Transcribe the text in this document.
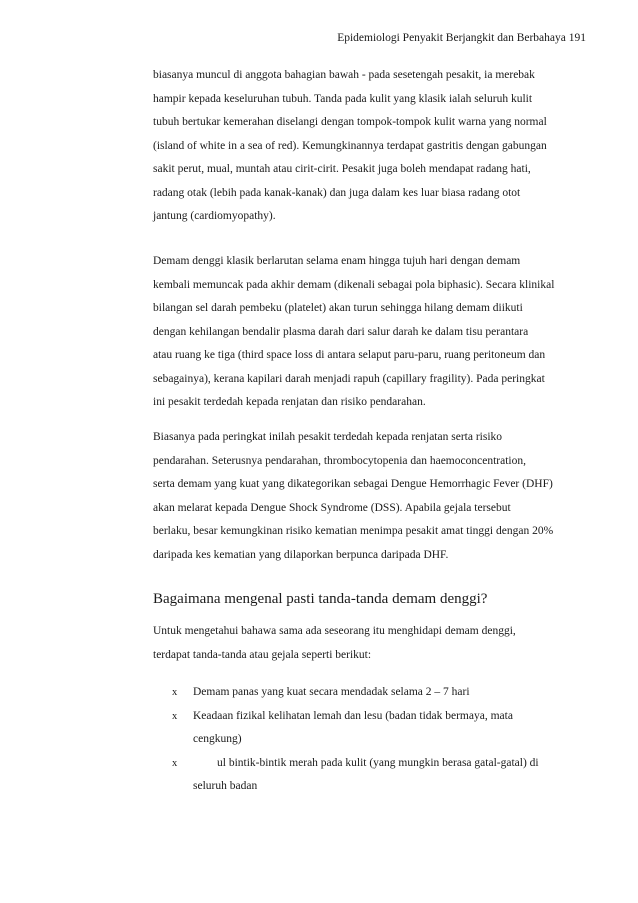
Epidemiologi Penyakit Berjangkit dan Berbahaya 191
biasanya muncul di anggota bahagian bawah - pada sesetengah pesakit, ia merebak
hampir kepada keseluruhan tubuh. Tanda pada kulit yang klasik ialah seluruh kulit
tubuh bertukar kemerahan diselangi dengan tompok-tompok kulit warna yang normal
(island of white in a sea of red). Kemungkinannya terdapat gastritis dengan gabungan
sakit perut, mual, muntah atau cirit-cirit. Pesakit juga boleh mendapat radang hati,
radang otak (lebih pada kanak-kanak) dan juga dalam kes luar biasa radang otot
jantung (cardiomyopathy).
Demam denggi klasik berlarutan selama enam hingga tujuh hari dengan demam
kembali memuncak pada akhir demam (dikenali sebagai pola biphasic). Secara klinikal
bilangan sel darah pembeku (platelet) akan turun sehingga hilang demam diikuti
dengan kehilangan bendalir plasma darah dari salur darah ke dalam tisu perantara
atau ruang ke tiga (third space loss di antara selaput paru-paru, ruang peritoneum dan
sebagainya), kerana kapilari darah menjadi rapuh (capillary fragility). Pada peringkat
ini pesakit terdedah kepada renjatan dan risiko pendarahan.
Biasanya pada peringkat inilah pesakit terdedah kepada renjatan serta risiko
pendarahan. Seterusnya pendarahan, thrombocytopenia dan haemoconcentration,
serta demam yang kuat yang dikategorikan sebagai Dengue Hemorrhagic Fever (DHF)
akan melarat kepada Dengue Shock Syndrome (DSS). Apabila gejala tersebut
berlaku, besar kemungkinan risiko kematian menimpa pesakit amat tinggi dengan 20%
daripada kes kematian yang dilaporkan berpunca daripada DHF.
Bagaimana mengenal pasti tanda-tanda demam denggi?
Untuk mengetahui bahawa sama ada seseorang itu menghidapi demam denggi,
terdapat tanda-tanda atau gejala seperti berikut:
x Demam panas yang kuat secara mendadak selama 2 – 7 hari
x Keadaan fizikal kelihatan lemah dan lesu (badan tidak bermaya, mata
cengkung)
x	ul bintik-bintik merah pada kulit (yang mungkin berasa gatal-gatal) di
seluruh badan
